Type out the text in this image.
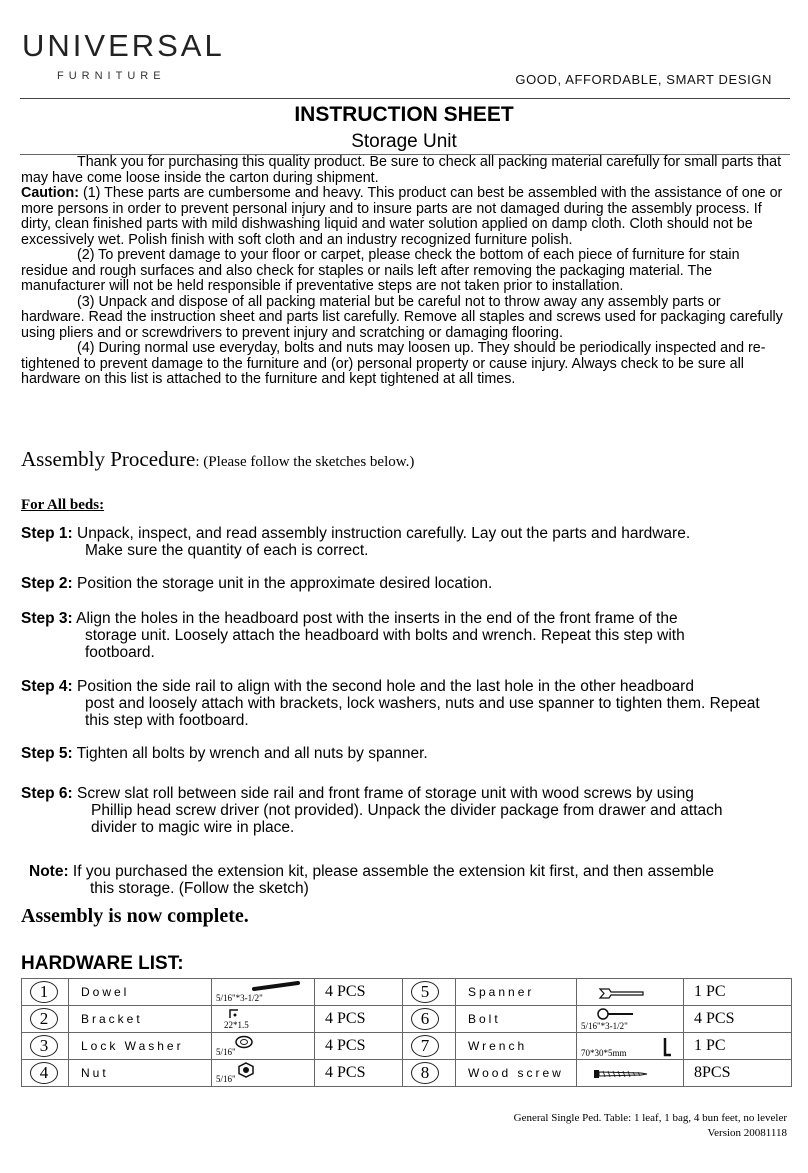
UNIVERSAL
FURNITURE	GOOD, AFFORDABLE, SMART DESIGN
INSTRUCTION SHEET
Storage Unit

Thank you for purchasing this quality product. Be sure to check all packing material carefully for small parts that may have come loose inside the carton during shipment.

Caution: (1) These parts are cumbersome and heavy. This product can best be assembled with the assistance of one or more persons in order to prevent personal injury and to insure parts are not damaged during the assembly process. If dirty, clean finished parts with mild dishwashing liquid and water solution applied on damp cloth. Cloth should not be excessively wet. Polish finish with soft cloth and an industry recognized furniture polish.

(2) To prevent damage to your floor or carpet, please check the bottom of each piece of furniture for stain residue and rough surfaces and also check for staples or nails left after removing the packaging material. The manufacturer will not be held responsible if preventative steps are not taken prior to installation.

(3) Unpack and dispose of all packing material but be careful not to throw away any assembly parts or hardware. Read the instruction sheet and parts list carefully. Remove all staples and screws used for packaging carefully using pliers and or screwdrivers to prevent injury and scratching or damaging flooring.

(4) During normal use everyday, bolts and nuts may loosen up. They should be periodically inspected and re-tightened to prevent damage to the furniture and (or) personal property or cause injury. Always check to be sure all hardware on this list is attached to the furniture and kept tightened at all times.

Assembly Procedure: (Please follow the sketches below.)
For All beds:
Step 1: Unpack, inspect, and read assembly instruction carefully. Lay out the parts and hardware.
Make sure the quantity of each is correct.
Step 2: Position the storage unit in the approximate desired location.
Step 3: Align the holes in the headboard post with the inserts in the end of the front frame of the
storage unit. Loosely attach the headboard with bolts and wrench. Repeat this step with footboard.
Step 4: Position the side rail to align with the second hole and the last hole in the other headboard
post and loosely attach with brackets, lock washers, nuts and use spanner to tighten them. Repeat this step with footboard.
Step 5: Tighten all bolts by wrench and all nuts by spanner.
Step 6: Screw slat roll between side rail and front frame of storage unit with wood screws by using
Phillip head screw driver (not provided). Unpack the divider package from drawer and attach divider to magic wire in place.
Note: If you purchased the extension kit, please assemble the extension kit first, and then assemble
this storage. (Follow the sketch)
Assembly is now complete.
HARDWARE LIST:
1	Dowel	5/16"*3-1/2"	4 PCS	5	Spanner		1 PC
2	Bracket	22*1.5	4 PCS	6	Bolt	5/16"*3-1/2"	4 PCS
3	Lock Washer	5/16"	4 PCS	7	Wrench	70*30*5mm	1 PC
4	Nut	5/16"	4 PCS	8	Wood screw		8PCS
General Single Ped. Table: 1 leaf, 1 bag, 4 bun feet, no leveler
Version 20081118
